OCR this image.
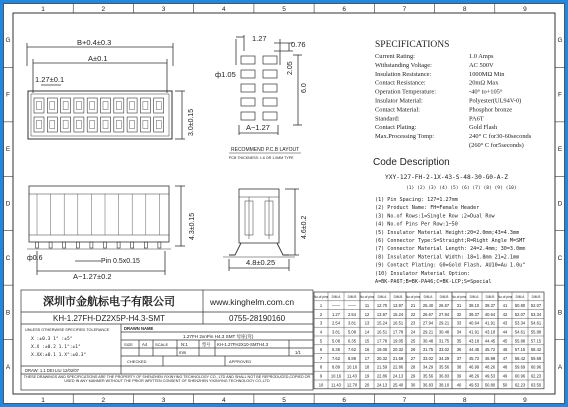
1
1
2
2
3
3
4
4
5
5
6
6
7
7
8
8
9
9
G	G
F	F
E	E
D	D
C	C
B	B
A	A
B+0.4±0.3
A±0.1
1.27±0.1
3.0±0.15
1.27
0.76
2.05
6.0
ф1.05
A−1.27
RECOMMEND P.C.B LAYOUT
PCB THICKNESS: 1.6 OR 1.0MM TYPE
4.3±0.15
Pin 0.5x0.15
ф0.6
A−1.27±0.2
4.6±0.2
4.8±0.25
SPECIFICATIONS
Current Rating:	1.0 Amps
Withstanding Voltage:	AC 500V
Insulation Resistance:	1000MΩ Min
Contact Resistance:	20mΩ Max
Operation Temperature:	-40° to+105°
Insulator Material:	Polyester(UL94V-0)
Contact Material:	Phosphor bronze
Standard:	PA6T
Contact Plating:	Gold Flash
Max.Processing Tomp:	240° C for30-60seconds
(260° C for5seconds)
Code Description
YXY-127-FH-2-1X-43-S-48-30-G0-A-Z
(1) (2) (3) (4) (5) (6) (7) (8) (9) (10)
(1) Pin Spacing: 127=1.27mm
(2) Product Name: FH=Female Header
(3) No.of Rows:1=Single Row ;2=Dual Row
(4) No.of Pins Per Row:1~50
(5) Insulator Material Height:20=2.0mm;43=4.3mm
(6) Connector Type:S=Straight;R=Right Angle M=SMT
(7) Connector Material Length: 24=2.4mm; 30=3.0mm
(8) Insulator Material Width: 18=1.8mm 21=2.1mm
(9) Contact Plating: G0=Gold Flash, AU10=Au 1.0u"
(10) Insulator Material Option:
A=BK-PA6T;B=BK-PA46;C=BK-LCP;S=Special
深圳市金航标电子有限公司	www.kinghelm.com.cn
KH-1.27FH-DZ2X5P-H4.3-SMT	0755-28190160
UNLESS OTHERWISE SPECIFIED TOLERANCE
X :±0.3 1° :±5°
X.X :±0.2 1.1°:±1°
X.XX:±0.1 1.X°:±0.3°
DRAWN NAME
1.27FH 2xnPin H4.3 SMT 母座(弯)
SIZE A4 SCALE	N:1	型号 KH-1.27FH2X10-SMTH4.3
mm	1/1
DRAW: 1.1 DEI LIU 12/02/07
CHECKED	APPROVED
THESE DRAWINGS AND SPECIFICATIONS ARE THE PROPERTY OF SHENZHEN YIXINYING TECHNOLOGY CO., LTD AND SHALL NOT BE REPRODUCED,COPIED OR USED IN ANY MANNER WITHOUT THE PRIOR WRITTEN CONSENT OF SHENZHEN YIXINYING TECHNOLOGY CO.,LTD
No.of pins DIM.A DIM.B No.of pins DIM.A DIM.B No.of pins DIM.A DIM.B No.of pins DIM.A DIM.B No.of pins DIM.A DIM.B
1 —— —— 11 12.70 13.97 21 25.40 26.67 31 38.10 39.37 41 50.80 52.07
2 1.27 2.54 12 13.97 15.24 22 26.67 27.94 32 39.37 40.64 42 52.07 53.34
3 2.54 3.81 13 15.24 16.51 23 27.94 29.21 33 40.64 41.91 43 53.34 54.61
4 3.81 5.08 14 16.51 17.78 24 29.21 30.48 34 41.91 43.18 44 54.61 55.88
5 5.08 6.35 15 17.78 19.05 25 30.48 31.75 35 43.18 44.45 45 55.88 57.15
6 6.35 7.62 16 19.05 20.32 26 31.75 33.02 36 44.45 45.72 46 57.15 58.42
7 7.62 8.89 17 20.32 21.59 27 33.02 34.29 37 45.72 46.99 47 58.42 59.69
8 8.89 10.16 18 21.59 22.86 28 34.29 35.56 38 46.99 48.26 48 59.69 60.96
9 10.16 11.43 19 22.86 24.13 29 35.56 36.83 39 48.26 49.53 49 60.96 62.23
10 11.43 12.70 20 24.13 25.40 30 36.83 38.10 40 49.53 50.80 50 62.23 63.50
